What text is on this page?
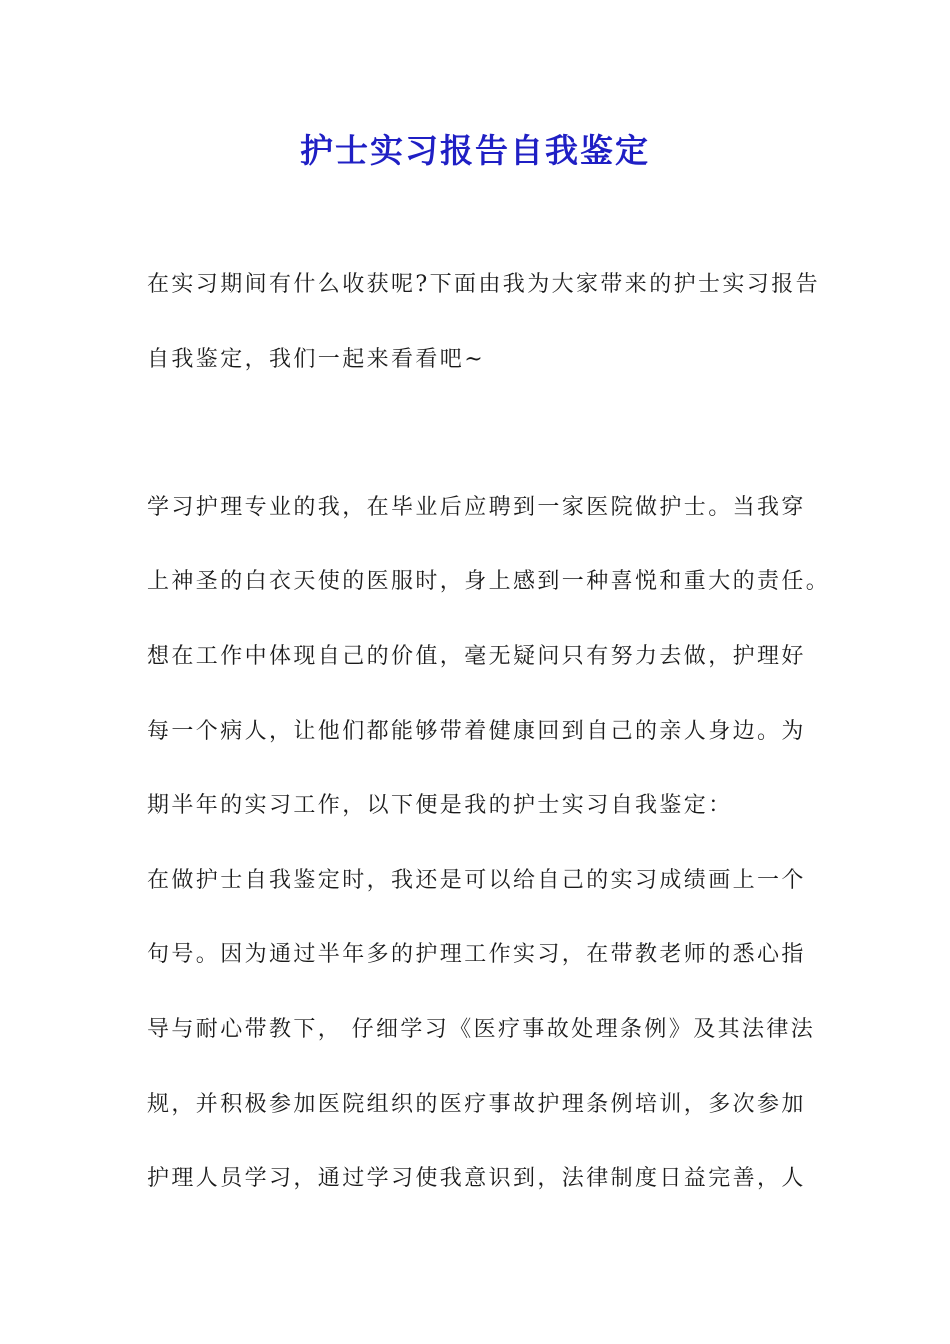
护士实习报告自我鉴定
在实习期间有什么收获呢?下面由我为大家带来的护士实习报告
自我鉴定，我们一起来看看吧~
学习护理专业的我，在毕业后应聘到一家医院做护士。当我穿
上神圣的白衣天使的医服时，身上感到一种喜悦和重大的责任。
想在工作中体现自己的价值，毫无疑问只有努力去做，护理好
每一个病人，让他们都能够带着健康回到自己的亲人身边。为
期半年的实习工作，以下便是我的护士实习自我鉴定：
在做护士自我鉴定时，我还是可以给自己的实习成绩画上一个
句号。因为通过半年多的护理工作实习，在带教老师的悉心指
导与耐心带教下， 仔细学习《医疗事故处理条例》及其法律法
规，并积极参加医院组织的医疗事故护理条例培训，多次参加
护理人员学习，通过学习使我意识到，法律制度日益完善，人
